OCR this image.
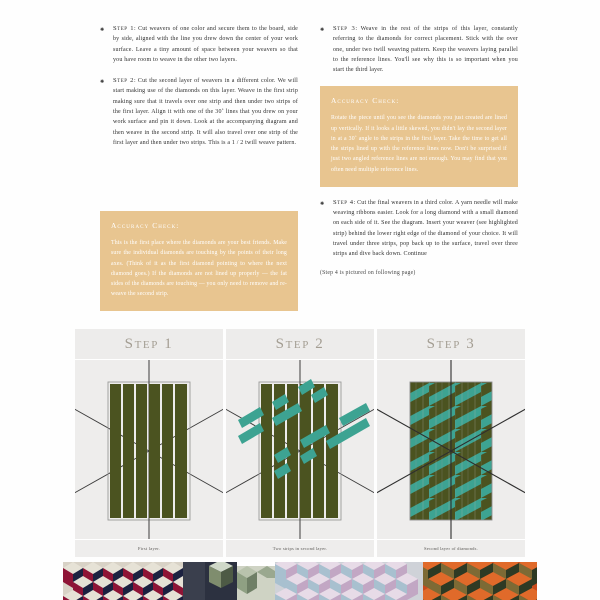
✺ Step 1: Cut weavers of one color and secure them to the board, side by side, aligned with the line you drew down the center of your work surface. Leave a tiny amount of space between your weavers so that you have room to weave in the other two layers.
✺ Step 2: Cut the second layer of weavers in a different color. We will start making use of the diamonds on this layer. Weave in the first strip making sure that it travels over one strip and then under two strips of the first layer. Align it with one of the 30˚ lines that you drew on your work surface and pin it down. Look at the accompanying diagram and then weave in the second strip. It will also travel over one strip of the first layer and then under two strips. This is a 1 / 2 twill weave pattern.
Accuracy Check:
This is the first place where the diamonds are your best friends. Make sure the individual diamonds are touching by the points of their long axes. (Think of it as the first diamond pointing to where the next diamond goes.) If the diamonds are not lined up properly — the fat sides of the diamonds are touching — you only need to remove and re-weave the second strip.
✺ Step 3: Weave in the rest of the strips of this layer, constantly referring to the diamonds for correct placement. Stick with the over one, under two twill weaving pattern. Keep the weavers laying parallel to the reference lines. You'll see why this is so important when you start the third layer.
Accuracy Check:
Rotate the piece until you see the diamonds you just created are lined up vertically. If it looks a little skewed, you didn't lay the second layer in at a 30˚ angle to the strips in the first layer. Take the time to get all the strips lined up with the reference lines now. Don't be surprised if just two angled reference lines are not enough. You may find that you often need multiple reference lines.
✺ Step 4: Cut the final weavers in a third color. A yarn needle will make weaving ribbons easier. Look for a long diamond with a small diamond on each side of it. See the diagram. Insert your weaver (see highlighted strip) behind the lower right edge of the diamond of your choice. It will travel under three strips, pop back up to the surface, travel over three strips and dive back down. Continue
(Step 4 is pictured on following page)
Step 1
First layer.
Step 2
Two strips in second layer.
Step 3
Second layer of diamonds.
71
